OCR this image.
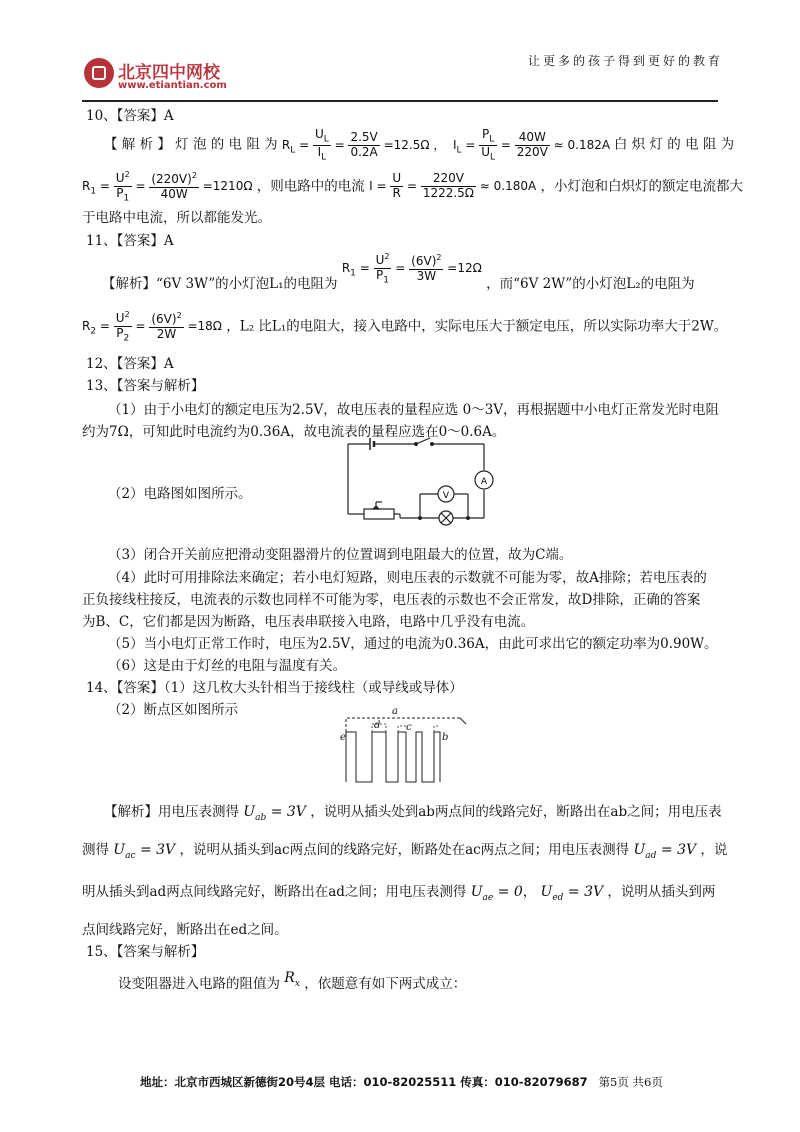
北京四中网校
www.etiantian.com
让更多的孩子得到更好的教育
10、【答案】A
【 解 析 】 灯 泡 的 电 阻 为 $R_L = \frac{U_L}{I_L} = \frac{2.5V}{0.2A} =12.5\Omega$ ，  $I_L = \frac{P_L}{U_L} = \frac{40W}{220V} \approx 0.182A$ 白 炽 灯 的 电 阻 为
$R_1 = \frac{U^2}{P_1} = \frac{(220V)^2}{40W} =1210\Omega$ ，则电路中的电流 $I = \frac{U}{R} = \frac{220V}{1222.5\Omega} \approx 0.180A$ ，小灯泡和白炽灯的额定电流都大
于电路中电流，所以都能发光。
11、【答案】A
【解析】“6V 3W”的小灯泡L₁的电阻为 $R_1 = \frac{U^2}{P_1} = \frac{(6V)^2}{3W} =12\Omega$ ，而“6V 2W”的小灯泡L₂的电阻为
$R_2 = \frac{U^2}{P_2} = \frac{(6V)^2}{2W} =18\Omega$ ，L₂ 比L₁的电阻大，接入电路中，实际电压大于额定电压，所以实际功率大于2W。
12、【答案】A
13、【答案与解析】
（1）由于小电灯的额定电压为2.5V，故电压表的量程应选 0～3V，再根据题中小电灯正常发光时电阻
约为7Ω，可知此时电流约为0.36A，故电流表的量程应选在0～0.6A。
V
A
（2）电路图如图所示。
（3）闭合开关前应把滑动变阻器滑片的位置调到电阻最大的位置，故为C端。
（4）此时可用排除法来确定；若小电灯短路，则电压表的示数就不可能为零，故A排除；若电压表的
正负接线柱接反，电流表的示数也同样不可能为零，电压表的示数也不会正常发，故D排除，正确的答案
为B、C，它们都是因为断路，电压表串联接入电路，电路中几乎没有电流。
（5）当小电灯正常工作时，电压为2.5V，通过的电流为0.36A，由此可求出它的额定功率为0.90W。
（6）这是由于灯丝的电阻与温度有关。
14、【答案】（1）这几枚大头针相当于接线柱（或导线或导体）
（2）断点区如图所示	a
e
d	c
b
【解析】用电压表测得 $U_{ab} = 3V$ ，说明从插头处到ab两点间的线路完好，断路出在ab之间；用电压表
测得 $U_{ac} = 3V$ ，说明从插头到ac两点间的线路完好，断路处在ac两点之间；用电压表测得 $U_{ad} = 3V$ ，说
明从插头到ad两点间线路完好，断路出在ad之间；用电压表测得 $U_{ae} = 0$， $U_{ed} = 3V$ ，说明从插头到两
点间线路完好，断路出在ed之间。
15、【答案与解析】
设变阻器进入电路的阻值为 $R_x$ ，依题意有如下两式成立：
地址：北京市西城区新德街20号4层 电话：010-82025511 传真：010-82079687 第5页 共6页
